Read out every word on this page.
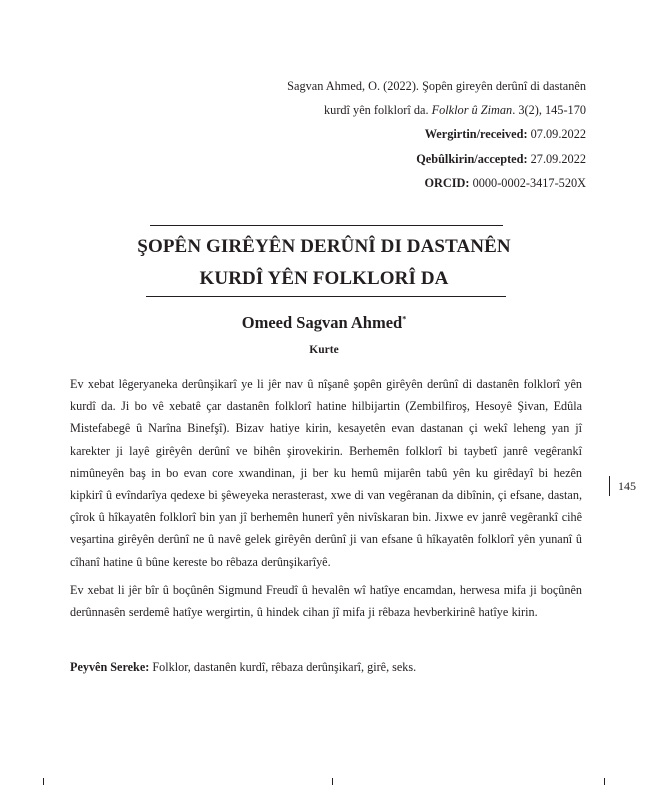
Sagvan Ahmed, O. (2022). Şopên gireyên derûnî di dastanên

kurdî yên folklorî da. Folklor û Ziman. 3(2), 145-170

Wergirtin/received: 07.09.2022

Qebûlkirin/accepted: 27.09.2022

ORCID: 0000-0002-3417-520X

ŞOPÊN GIRÊYÊN DERÛNÎ DI DASTANÊN
KURDÎ YÊN FOLKLORÎ DA
Omeed Sagvan Ahmed*
Kurte

Ev xebat lêgeryaneka derûnşikarî ye li jêr nav û nîşanê şopên girêyên derûnî di dastanên folklorî yên kurdî da. Ji bo vê xebatê çar dastanên folklorî hatine hilbijartin (Zembilfiroş, Hesoyê Şivan, Edûla Mistefabegê û Narîna Binefşî). Bizav hatiye kirin, kesayetên evan dastanan çi wekî leheng yan jî karekter ji layê girêyên derûnî ve bihên şirovekirin. Berhemên folklorî bi taybetî janrê vegêrankî nimûneyên baş in bo evan core xwandinan, ji ber ku hemû mijarên tabû yên ku girêdayî bi hezên kipkirî û evîndarîya qedexe bi şêweyeka nerasterast, xwe di van vegêranan da dibînin, çi efsane, dastan, çîrok û hîkayatên folklorî bin yan jî berhemên hunerî yên nivîskaran bin. Jixwe ev janrê vegêrankî cihê veşartina girêyên derûnî ne û navê gelek girêyên derûnî ji van efsane û hîkayatên folklorî yên yunanî û cîhanî hatine û bûne kereste bo rêbaza derûnşikarîyê.

Ev xebat li jêr bîr û boçûnên Sigmund Freudî û hevalên wî hatîye encamdan, herwesa mifa ji boçûnên derûnnasên serdemê hatîye wergirtin, û hindek cihan jî mifa ji rêbaza hevberkirinê hatîye kirin.

Peyvên Sereke: Folklor, dastanên kurdî, rêbaza derûnşikarî, girê, seks.
145
